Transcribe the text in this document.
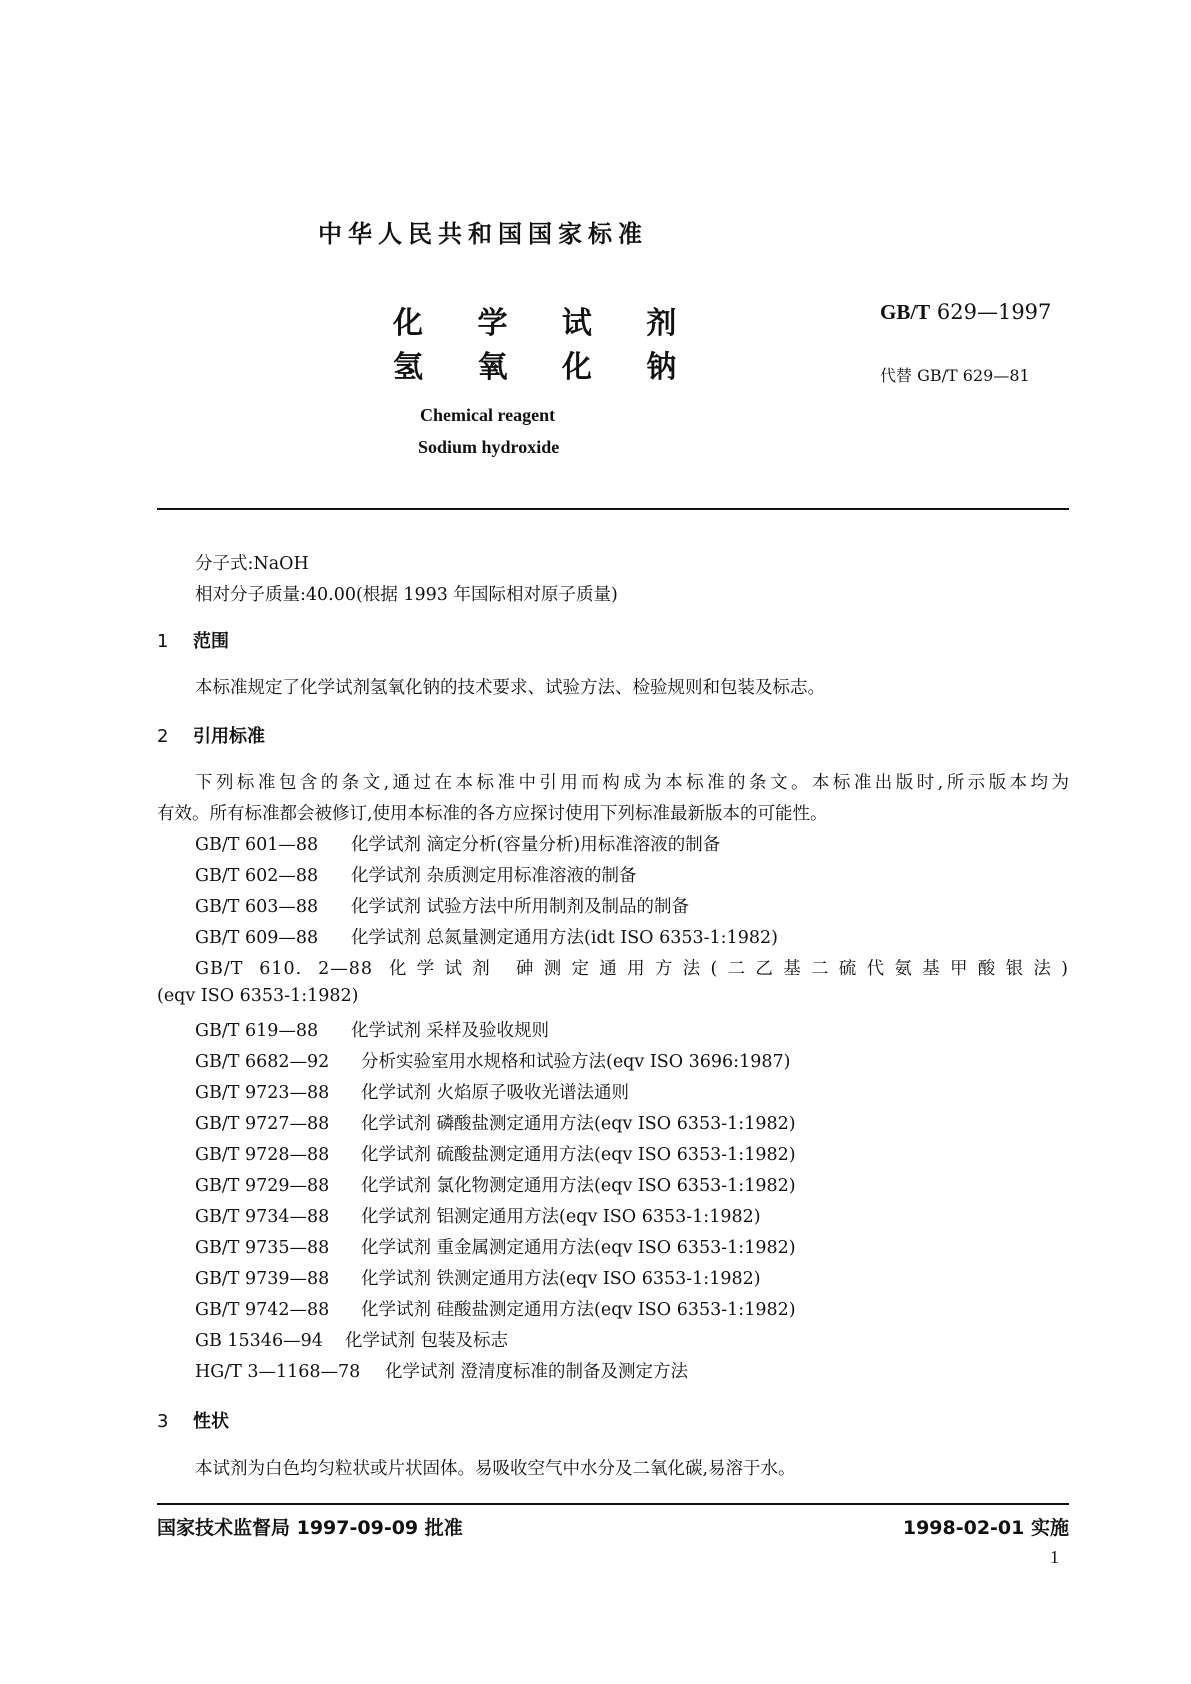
中华人民共和国国家标准
化 学 试 剂
氢 氧 化 钠
GB/T 629—1997
代替 GB/T 629—81
Chemical reagent
Sodium hydroxide
分子式:NaOH
相对分子质量:40.00(根据 1993 年国际相对原子质量)
1 范围
本标准规定了化学试剂氢氧化钠的技术要求、试验方法、检验规则和包装及标志。
2 引用标准
下列标准包含的条文,通过在本标准中引用而构成为本标准的条文。本标准出版时,所示版本均为
有效。所有标准都会被修订,使用本标准的各方应探讨使用下列标准最新版本的可能性。
GB/T 601—88 化学试剂 滴定分析(容量分析)用标准溶液的制备
GB/T 602—88 化学试剂 杂质测定用标准溶液的制备
GB/T 603—88 化学试剂 试验方法中所用制剂及制品的制备
GB/T 609—88 化学试剂 总氮量测定通用方法(idt ISO 6353-1:1982)
GB/T 610. 2—88 化学试剂 砷测定通用方法(二乙基二硫代氨基甲酸银法)
(eqv ISO 6353-1:1982)
GB/T 619—88 化学试剂 采样及验收规则
GB/T 6682—92 分析实验室用水规格和试验方法(eqv ISO 3696:1987)
GB/T 9723—88 化学试剂 火焰原子吸收光谱法通则
GB/T 9727—88 化学试剂 磷酸盐测定通用方法(eqv ISO 6353-1:1982)
GB/T 9728—88 化学试剂 硫酸盐测定通用方法(eqv ISO 6353-1:1982)
GB/T 9729—88 化学试剂 氯化物测定通用方法(eqv ISO 6353-1:1982)
GB/T 9734—88 化学试剂 铝测定通用方法(eqv ISO 6353-1:1982)
GB/T 9735—88 化学试剂 重金属测定通用方法(eqv ISO 6353-1:1982)
GB/T 9739—88 化学试剂 铁测定通用方法(eqv ISO 6353-1:1982)
GB/T 9742—88 化学试剂 硅酸盐测定通用方法(eqv ISO 6353-1:1982)
GB 15346—94 化学试剂 包装及标志
HG/T 3—1168—78 化学试剂 澄清度标准的制备及测定方法
3 性状
本试剂为白色均匀粒状或片状固体。易吸收空气中水分及二氧化碳,易溶于水。
国家技术监督局 1997-09-09 批准	1998-02-01 实施
1
